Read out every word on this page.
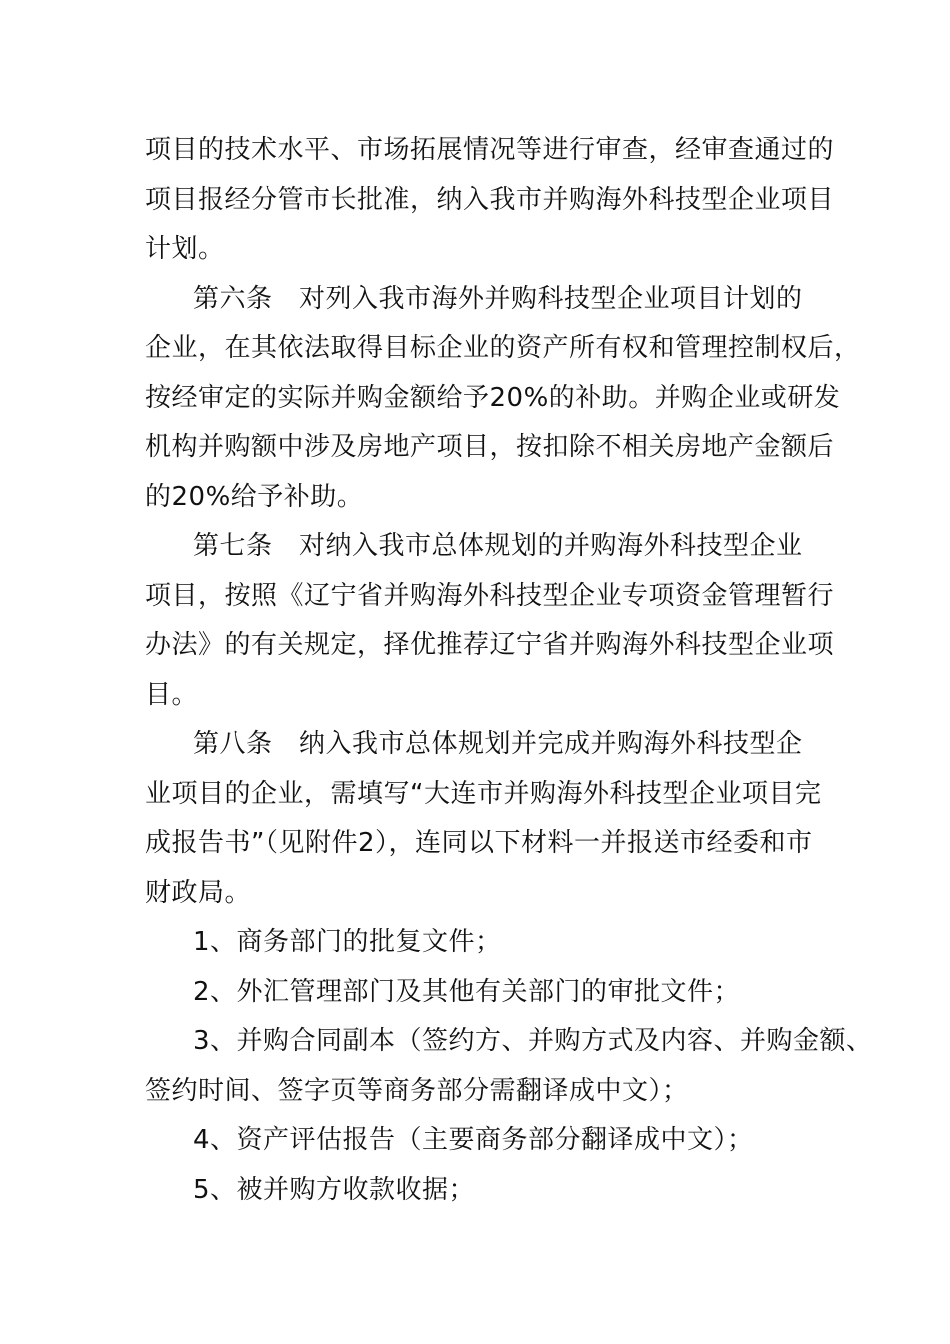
项目的技术水平、市场拓展情况等进行审查，经审查通过的
项目报经分管市长批准，纳入我市并购海外科技型企业项目
计划。
第六条　对列入我市海外并购科技型企业项目计划的
企业，在其依法取得目标企业的资产所有权和管理控制权后，
按经审定的实际并购金额给予20%的补助。并购企业或研发
机构并购额中涉及房地产项目，按扣除不相关房地产金额后
的20%给予补助。
第七条　对纳入我市总体规划的并购海外科技型企业
项目，按照《辽宁省并购海外科技型企业专项资金管理暂行
办法》的有关规定，择优推荐辽宁省并购海外科技型企业项
目。
第八条　纳入我市总体规划并完成并购海外科技型企
业项目的企业，需填写“大连市并购海外科技型企业项目完
成报告书”（见附件2），连同以下材料一并报送市经委和市
财政局。
1、商务部门的批复文件；
2、外汇管理部门及其他有关部门的审批文件；
3、并购合同副本（签约方、并购方式及内容、并购金额、
签约时间、签字页等商务部分需翻译成中文）；
4、资产评估报告（主要商务部分翻译成中文）；
5、被并购方收款收据；
